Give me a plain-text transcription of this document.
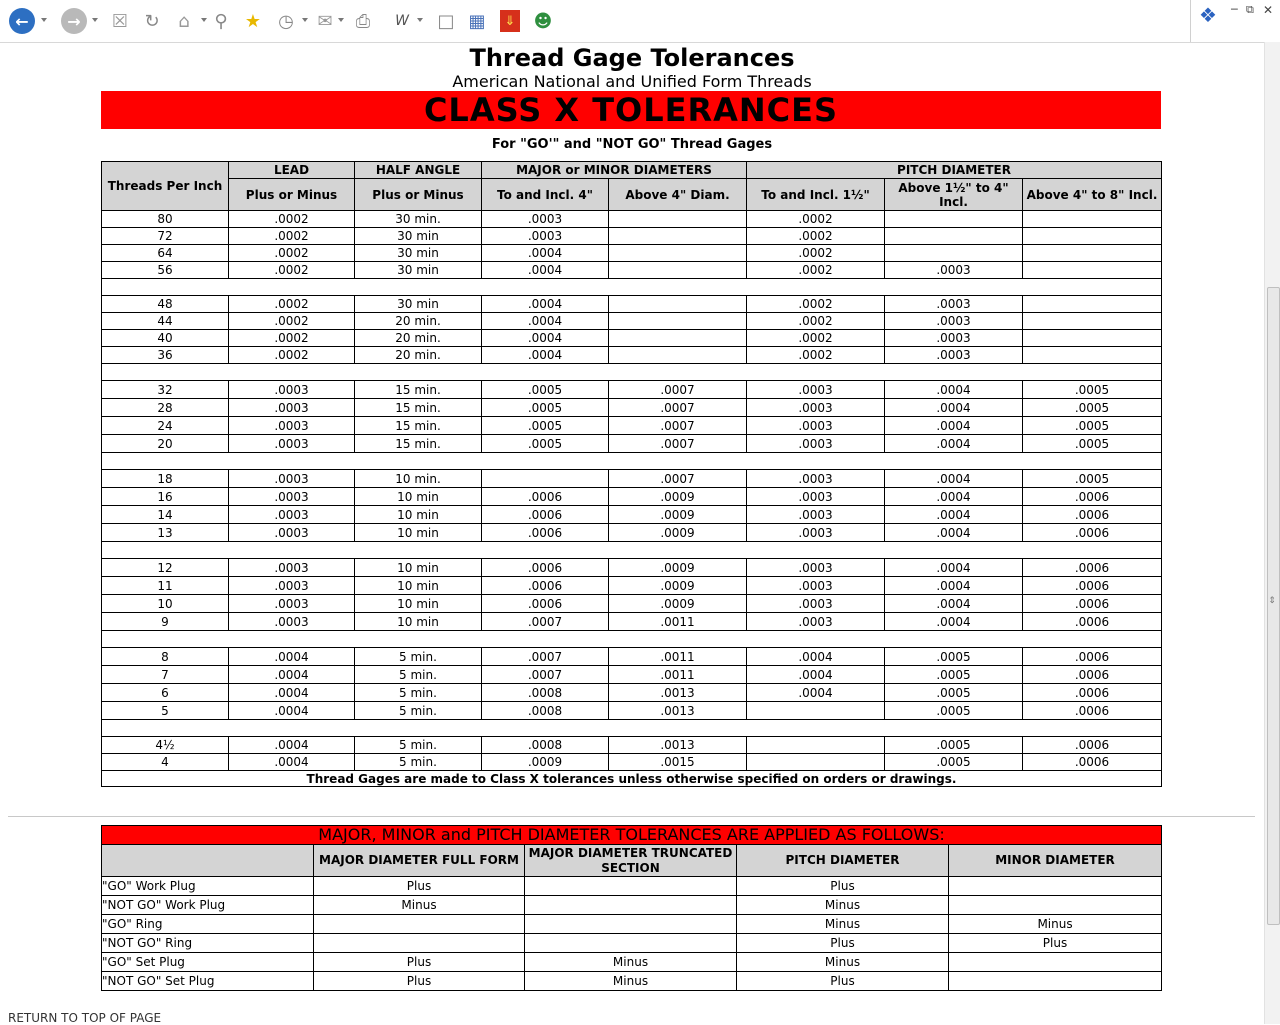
←	→	☒ ↻	⌂	⚲ ★ ◷	✉	⎙	W □ ▦	⇓ ☻	❖	─ ⧉ ✕
⇕
Thread Gage Tolerances
American National and Unified Form Threads
CLASS X TOLERANCES
For "GO'" and "NOT GO" Thread Gages
Threads Per Inch	LEAD	HALF ANGLE	MAJOR or MINOR DIAMETERS		PITCH DIAMETER		
	Plus or Minus	Plus or Minus	To and Incl. 4"	Above 4" Diam.	To and Incl. 1½"	Above 1½" to 4" Incl.	Above 4" to 8" Incl.
80	.0002	30 min.	.0003		.0002		
72	.0002	30 min	.0003		.0002		
64	.0002	30 min	.0004		.0002		
56	.0002	30 min	.0004		.0002	.0003	

48	.0002	30 min	.0004		.0002	.0003	
44	.0002	20 min.	.0004		.0002	.0003	
40	.0002	20 min.	.0004		.0002	.0003	
36	.0002	20 min.	.0004		.0002	.0003	

32	.0003	15 min.	.0005	.0007	.0003	.0004	.0005
28	.0003	15 min.	.0005	.0007	.0003	.0004	.0005
24	.0003	15 min.	.0005	.0007	.0003	.0004	.0005
20	.0003	15 min.	.0005	.0007	.0003	.0004	.0005

18	.0003	10 min.		.0007	.0003	.0004	.0005
16	.0003	10 min	.0006	.0009	.0003	.0004	.0006
14	.0003	10 min	.0006	.0009	.0003	.0004	.0006
13	.0003	10 min	.0006	.0009	.0003	.0004	.0006

12	.0003	10 min	.0006	.0009	.0003	.0004	.0006
11	.0003	10 min	.0006	.0009	.0003	.0004	.0006
10	.0003	10 min	.0006	.0009	.0003	.0004	.0006
9	.0003	10 min	.0007	.0011	.0003	.0004	.0006

8	.0004	5 min.	.0007	.0011	.0004	.0005	.0006
7	.0004	5 min.	.0007	.0011	.0004	.0005	.0006
6	.0004	5 min.	.0008	.0013	.0004	.0005	.0006
5	.0004	5 min.	.0008	.0013		.0005	.0006

4½	.0004	5 min.	.0008	.0013		.0005	.0006
4	.0004	5 min.	.0009	.0015		.0005	.0006
Thread Gages are made to Class X tolerances unless otherwise specified on orders or drawings.							
MAJOR, MINOR and PITCH DIAMETER TOLERANCES ARE APPLIED AS FOLLOWS:				
	MAJOR DIAMETER FULL FORM	MAJOR DIAMETER TRUNCATED SECTION	PITCH DIAMETER	MINOR DIAMETER
"GO" Work Plug	Plus		Plus	
"NOT GO" Work Plug	Minus		Minus	
"GO" Ring			Minus	Minus
"NOT GO" Ring			Plus	Plus
"GO" Set Plug	Plus	Minus	Minus	
"NOT GO" Set Plug	Plus	Minus	Plus	
RETURN TO TOP OF PAGE
